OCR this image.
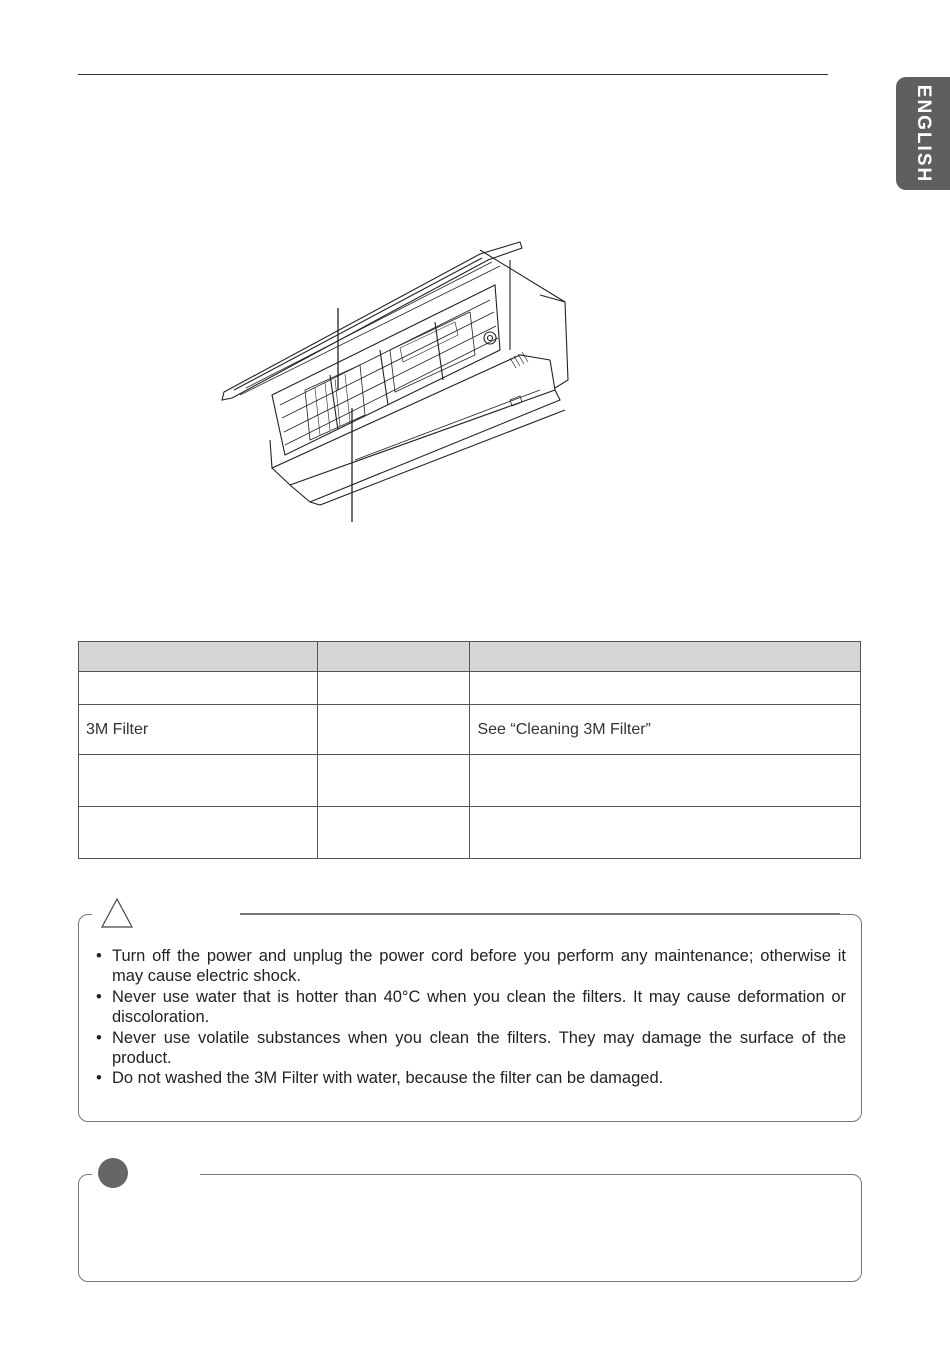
ENGLISH

3M Filter		See “Cleaning 3M Filter”

• Turn off the power and unplug the power cord before you perform any maintenance; otherwise it may cause electric shock.
• Never use water that is hotter than 40°C when you clean the filters. It may cause deformation or discoloration.
• Never use volatile substances when you clean the filters. They may damage the surface of the product.
• Do not washed the 3M Filter with water, because the filter can be damaged.
